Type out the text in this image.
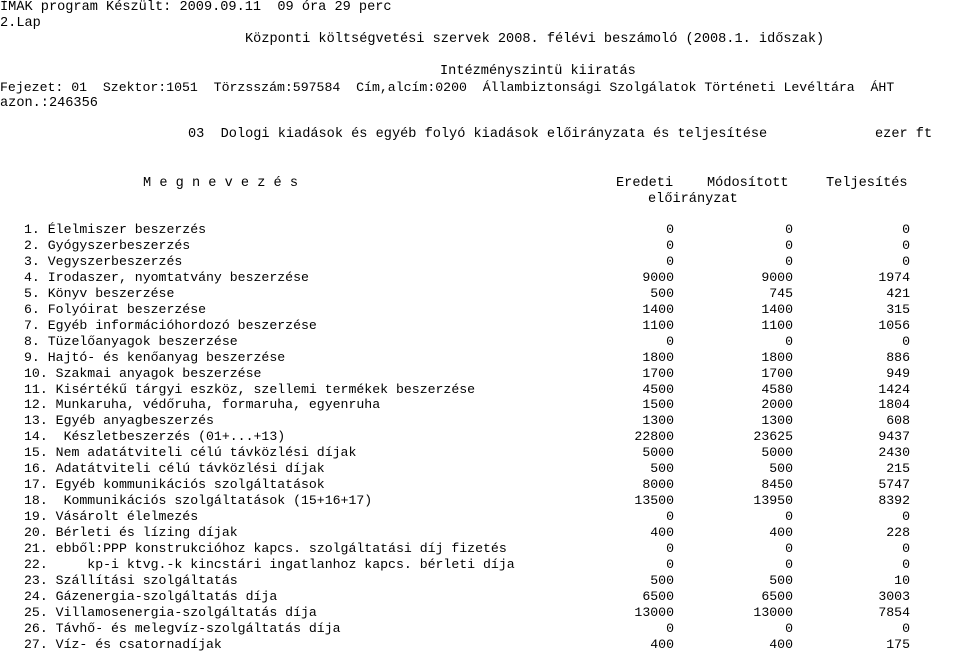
ÌMÁK program Készült: 2009.09.11  09 óra 29 perc
2.Lap
Központi költségvetési szervek 2008. félévi beszámoló (2008.1. időszak)
Intézményszintü kiiratás
Fejezet: 01  Szektor:1051  Törzsszám:597584  Cím,alcím:0200  Állambiztonsági Szolgálatok Történeti Levéltára  ÁHT
azon.:246356
03  Dologi kiadások és egyéb folyó kiadások előirányzata és teljesítése	ezer ft
M e g n e v e z é s	Eredeti Módosított	Teljesítés
előirányzat
1. Élelmiszer beszerzés	0	0	0
2. Gyógyszerbeszerzés	0	0	0
3. Vegyszerbeszerzés	0	0	0
4. Irodaszer, nyomtatvány beszerzése	9000	9000	1974
5. Könyv beszerzése	500	745	421
6. Folyóirat beszerzése	1400	1400	315
7. Egyéb információhordozó beszerzése	1100	1100	1056
8. Tüzelőanyagok beszerzése	0	0	0
9. Hajtó- és kenőanyag beszerzése	1800	1800	886
10. Szakmai anyagok beszerzése	1700	1700	949
11. Kisértékű tárgyi eszköz, szellemi termékek beszerzése	4500	4580	1424
12. Munkaruha, védőruha, formaruha, egyenruha	1500	2000	1804
13. Egyéb anyagbeszerzés	1300	1300	608
14.  Készletbeszerzés (01+...+13)	22800	23625	9437
15. Nem adatátviteli célú távközlési díjak	5000	5000	2430
16. Adatátviteli célú távközlési díjak	500	500	215
17. Egyéb kommunikációs szolgáltatások	8000	8450	5747
18.  Kommunikációs szolgáltatások (15+16+17)	13500	13950	8392
19. Vásárolt élelmezés	0	0	0
20. Bérleti és lízing díjak	400	400	228
21. ebből:PPP konstrukcióhoz kapcs. szolgáltatási díj fizetés	0	0	0
22.     kp-i ktvg.-k kincstári ingatlanhoz kapcs. bérleti díja	0	0	0
23. Szállítási szolgáltatás	500	500	10
24. Gázenergia-szolgáltatás díja	6500	6500	3003
25. Villamosenergia-szolgáltatás díja	13000	13000	7854
26. Távhő- és melegvíz-szolgáltatás díja	0	0	0
27. Víz- és csatornadíjak	400	400	175
